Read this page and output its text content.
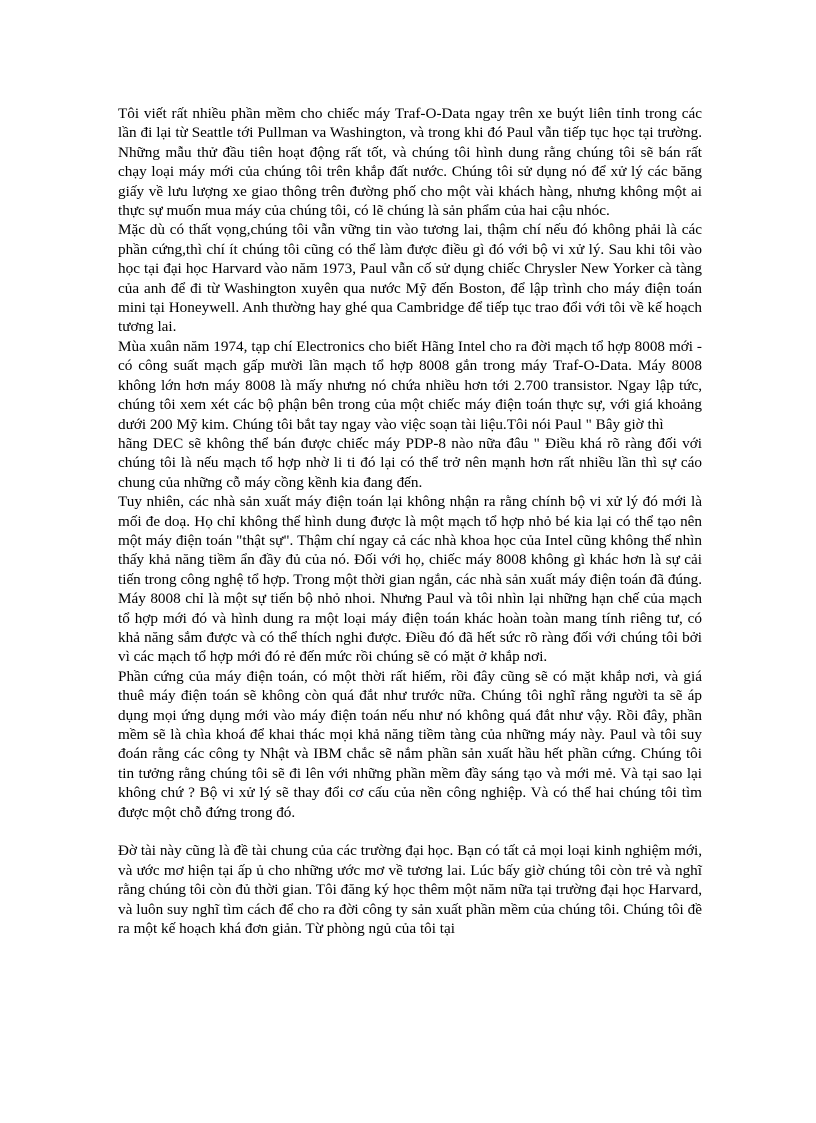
Tôi viết rất nhiều phần mềm cho chiếc máy Traf-O-Data ngay trên xe buýt liên tỉnh trong các lần đi lại từ Seattle tới Pullman va Washington, và trong khi đó Paul vẫn tiếp tục học tại trường. Những mẫu thử đầu tiên hoạt động rất tốt, và chúng tôi hình dung rằng chúng tôi sẽ bán rất chạy loại máy mới của chúng tôi trên khắp đất nước. Chúng tôi sử dụng nó để xử lý các băng giấy về lưu lượng xe giao thông trên đường phố cho một vài khách hàng, nhưng không một ai thực sự muốn mua máy của chúng tôi, có lẽ chúng là sản phẩm của hai cậu nhóc.

Mặc dù có thất vọng,chúng tôi vẫn vững tin vào tương lai, thậm chí nếu đó không phải là các phần cứng,thì chí ít chúng tôi cũng có thể làm được điều gì đó với bộ vi xử lý. Sau khi tôi vào học tại đại học Harvard vào năm 1973, Paul vẫn cố sử dụng chiếc Chrysler New Yorker cà tàng của anh để đi từ Washington xuyên qua nước Mỹ đến Boston, để lập trình cho máy điện toán mini tại Honeywell. Anh thường hay ghé qua Cambridge để tiếp tục trao đổi với tôi về kế hoạch tương lai.

Mùa xuân năm 1974, tạp chí Electronics cho biết Hãng Intel cho ra đời mạch tổ hợp 8008 mới - có công suất mạch gấp mười lần mạch tổ hợp 8008 gắn trong máy Traf-O-Data. Máy 8008 không lớn hơn máy 8008 là mấy nhưng nó chứa nhiều hơn tới 2.700 transistor. Ngay lập tức, chúng tôi xem xét các bộ phận bên trong của một chiếc máy điện toán thực sự, với giá khoảng dưới 200 Mỹ kim. Chúng tôi bắt tay ngay vào việc soạn tài liệu.Tôi nói Paul " Bây giờ thì

hãng DEC sẽ không thể bán được chiếc máy PDP-8 nào nữa đâu " Điều khá rõ ràng đối với chúng tôi là nếu mạch tổ hợp nhờ li ti đó lại có thể trở nên mạnh hơn rất nhiều lần thì sự cáo chung của những cỗ máy cồng kềnh kia đang đến.

Tuy nhiên, các nhà sản xuất máy điện toán lại không nhận ra rằng chính bộ vi xử lý đó mới là mối đe doạ. Họ chỉ không thể hình dung được là một mạch tổ hợp nhỏ bé kia lại có thể tạo nên một máy điện toán "thật sự". Thậm chí ngay cả các nhà khoa học của Intel cũng không thể nhìn thấy khả năng tiềm ẩn đầy đủ của nó. Đối với họ, chiếc máy 8008 không gì khác hơn là sự cải tiến trong công nghệ tổ hợp. Trong một thời gian ngắn, các nhà sản xuất máy điện toán đã đúng. Máy 8008 chỉ là một sự tiến bộ nhỏ nhoi. Nhưng Paul và tôi nhìn lại những hạn chế của mạch tổ hợp mới đó và hình dung ra một loại máy điện toán khác hoàn toàn mang tính riêng tư, có khả năng sắm được và có thể thích nghi được. Điều đó đã hết sức rõ ràng đối với chúng tôi bởi vì các mạch tổ hợp mới đó rẻ đến mức rồi chúng sẽ có mặt ở khắp nơi.

Phần cứng của máy điện toán, có một thời rất hiếm, rồi đây cũng sẽ có mặt khắp nơi, và giá thuê máy điện toán sẽ không còn quá đắt như trước nữa. Chúng tôi nghĩ rằng người ta sẽ áp dụng mọi ứng dụng mới vào máy điện toán nếu như nó không quá đắt như vậy. Rồi đây, phần mềm sẽ là chìa khoá để khai thác mọi khả năng tiềm tàng của những máy này. Paul và tôi suy đoán rằng các công ty Nhật và IBM chắc sẽ nắm phần sản xuất hầu hết phần cứng. Chúng tôi tin tưởng rằng chúng tôi sẽ đi lên với những phần mềm đầy sáng tạo và mới mẻ. Và tại sao lại không chứ ? Bộ vi xử lý sẽ thay đổi cơ cấu của nền công nghiệp. Và có thể hai chúng tôi tìm được một chỗ đứng trong đó.

Đờ tài này cũng là đề tài chung của các trường đại học. Bạn có tất cả mọi loại kinh nghiệm mới, và ước mơ hiện tại ấp ủ cho những ước mơ về tương lai. Lúc bấy giờ chúng tôi còn trẻ và nghĩ rằng chúng tôi còn đủ thời gian. Tôi đăng ký học thêm một năm nữa tại trường đại học Harvard, và luôn suy nghĩ tìm cách để cho ra đời công ty sản xuất phần mềm của chúng tôi. Chúng tôi đề ra một kế hoạch khá đơn giản. Từ phòng ngủ của tôi tại
